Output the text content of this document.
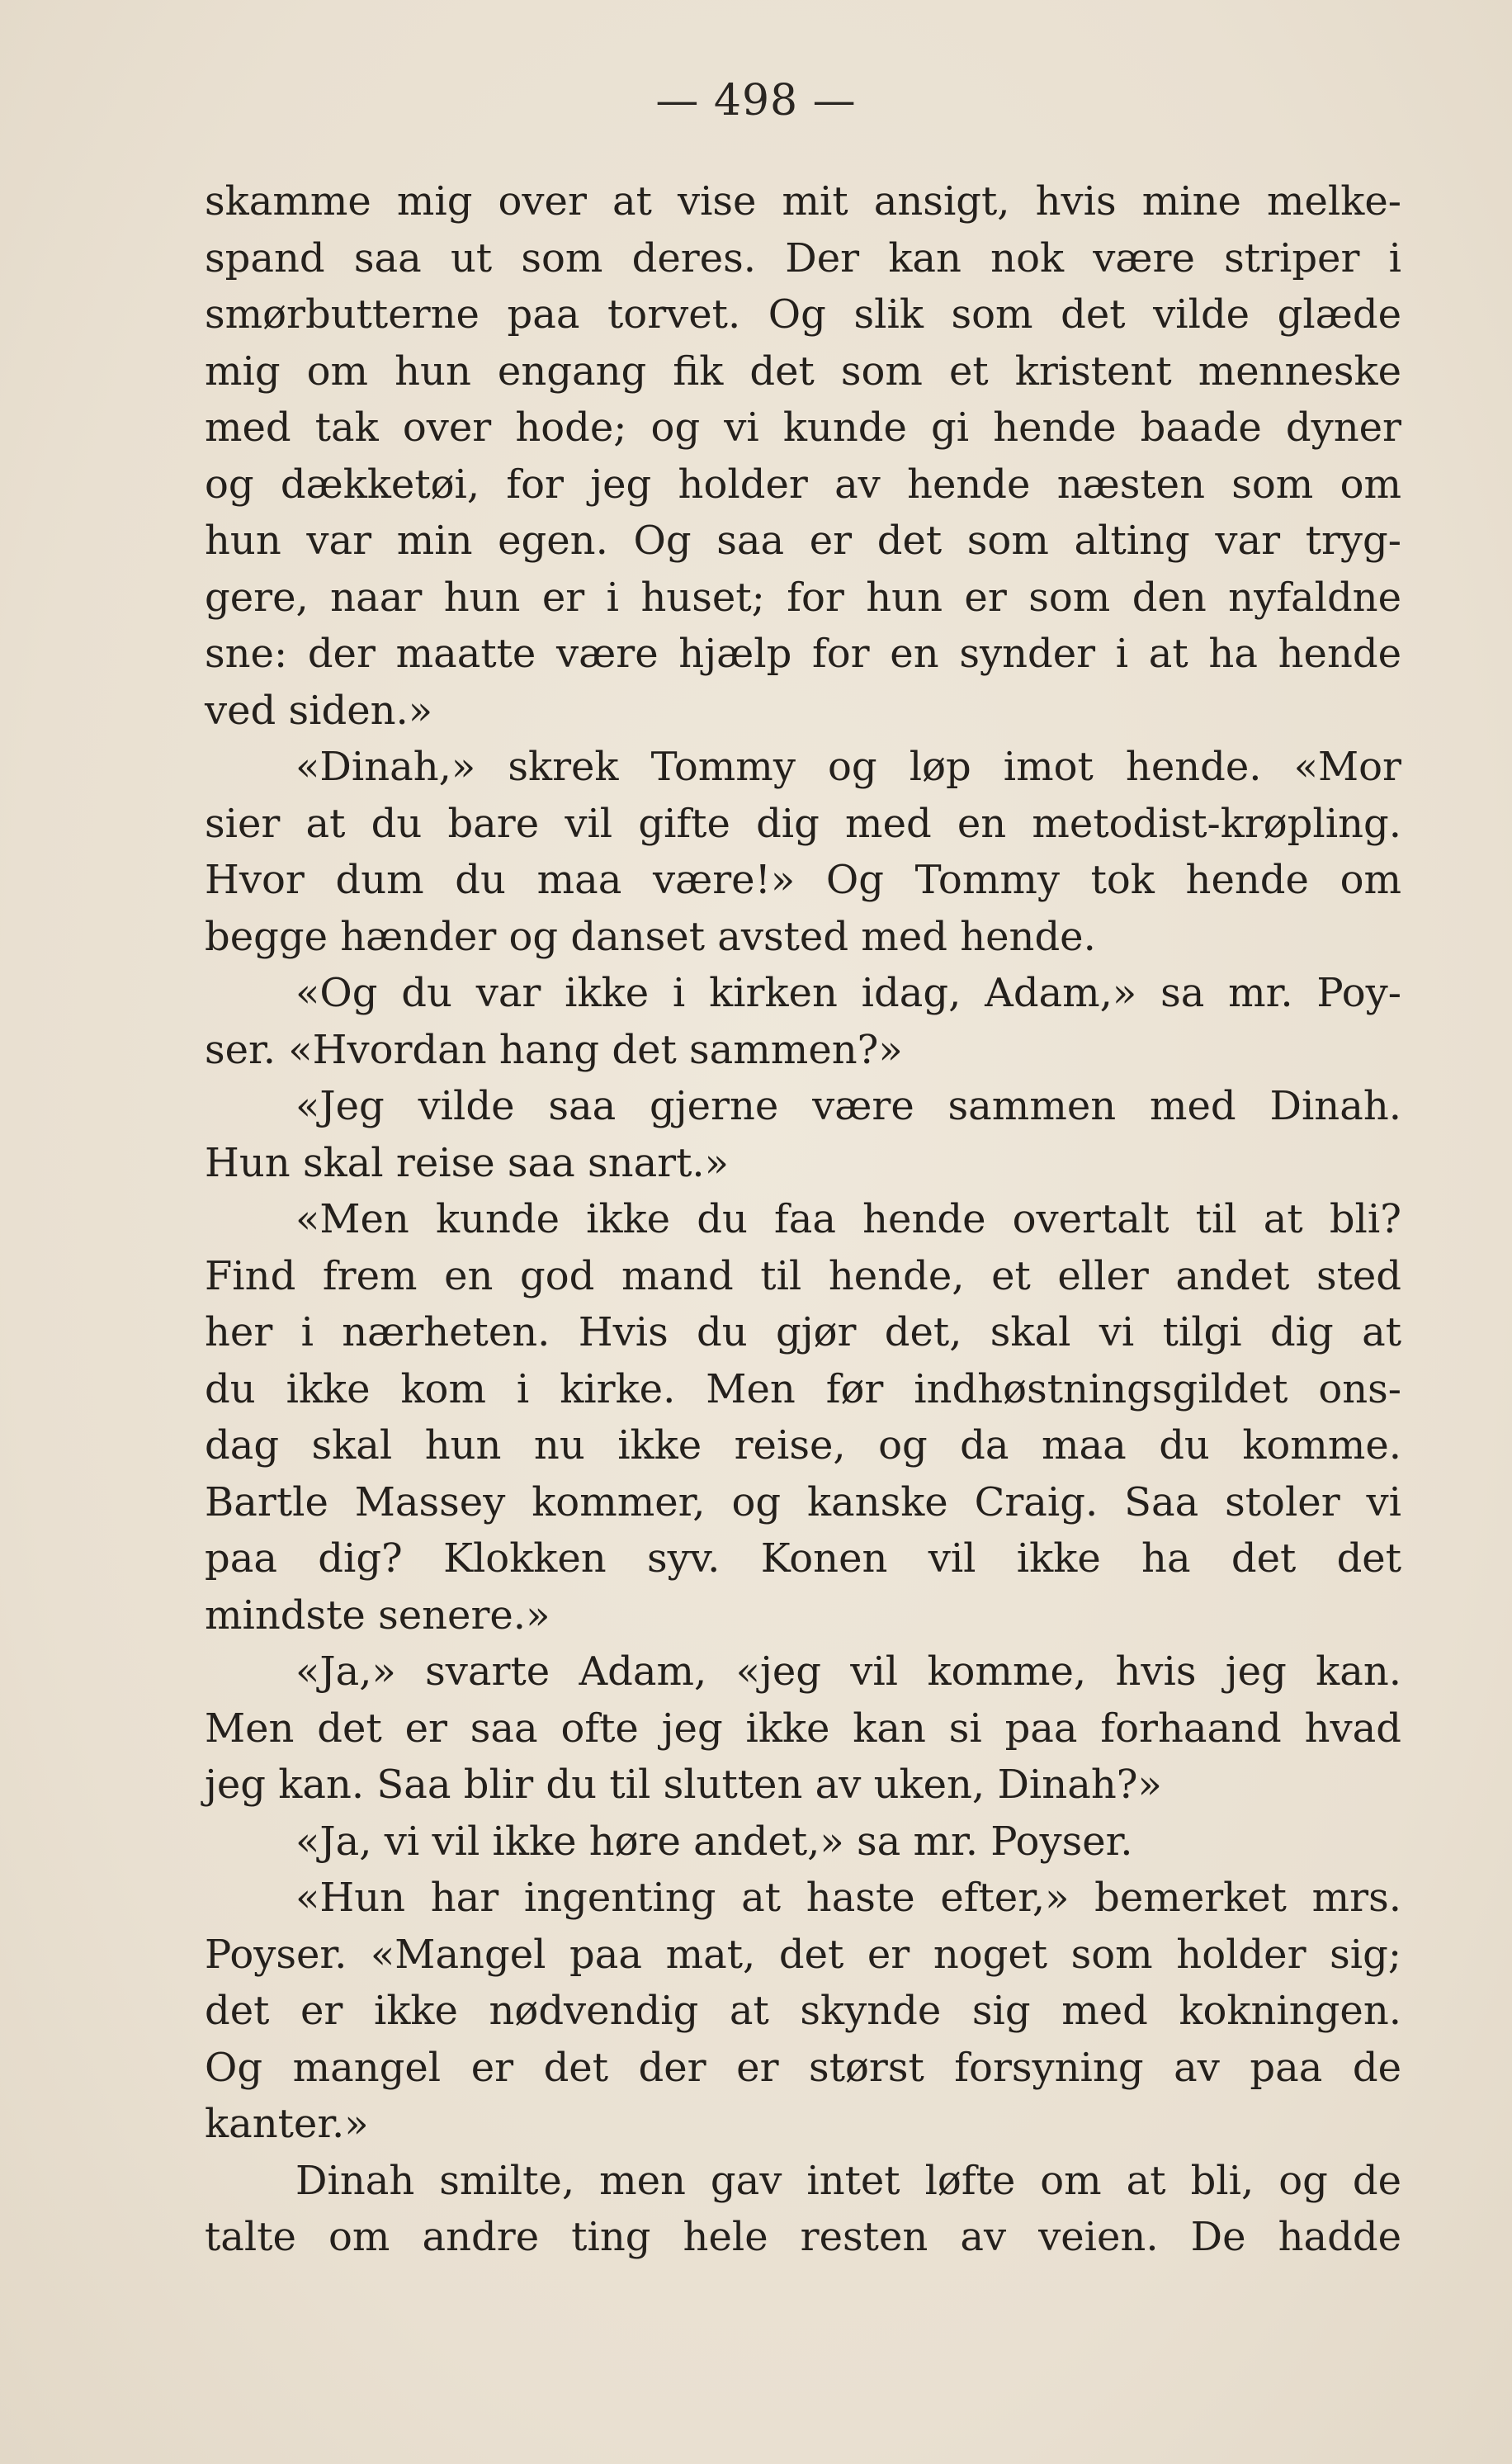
— 498 —
skamme mig over at vise mit ansigt, hvis mine melke-
spand saa ut som deres. Der kan nok være striper i
smørbutterne paa torvet. Og slik som det vilde glæde
mig om hun engang fik det som et kristent menneske
med tak over hode; og vi kunde gi hende baade dyner
og dækketøi, for jeg holder av hende næsten som om
hun var min egen. Og saa er det som alting var tryg-
gere, naar hun er i huset; for hun er som den nyfaldne
sne: der maatte være hjælp for en synder i at ha hende
ved siden.»
«Dinah,» skrek Tommy og løp imot hende. «Mor
sier at du bare vil gifte dig med en metodist-krøpling.
Hvor dum du maa være!» Og Tommy tok hende om
begge hænder og danset avsted med hende.
«Og du var ikke i kirken idag, Adam,» sa mr. Poy-
ser. «Hvordan hang det sammen?»
«Jeg vilde saa gjerne være sammen med Dinah.
Hun skal reise saa snart.»
«Men kunde ikke du faa hende overtalt til at bli?
Find frem en god mand til hende, et eller andet sted
her i nærheten. Hvis du gjør det, skal vi tilgi dig at
du ikke kom i kirke. Men før indhøstningsgildet ons-
dag skal hun nu ikke reise, og da maa du komme.
Bartle Massey kommer, og kanske Craig. Saa stoler vi
paa dig? Klokken syv. Konen vil ikke ha det det
mindste senere.»
«Ja,» svarte Adam, «jeg vil komme, hvis jeg kan.
Men det er saa ofte jeg ikke kan si paa forhaand hvad
jeg kan. Saa blir du til slutten av uken, Dinah?»
«Ja, vi vil ikke høre andet,» sa mr. Poyser.
«Hun har ingenting at haste efter,» bemerket mrs.
Poyser. «Mangel paa mat, det er noget som holder sig;
det er ikke nødvendig at skynde sig med kokningen.
Og mangel er det der er størst forsyning av paa de
kanter.»
Dinah smilte, men gav intet løfte om at bli, og de
talte om andre ting hele resten av veien. De hadde
